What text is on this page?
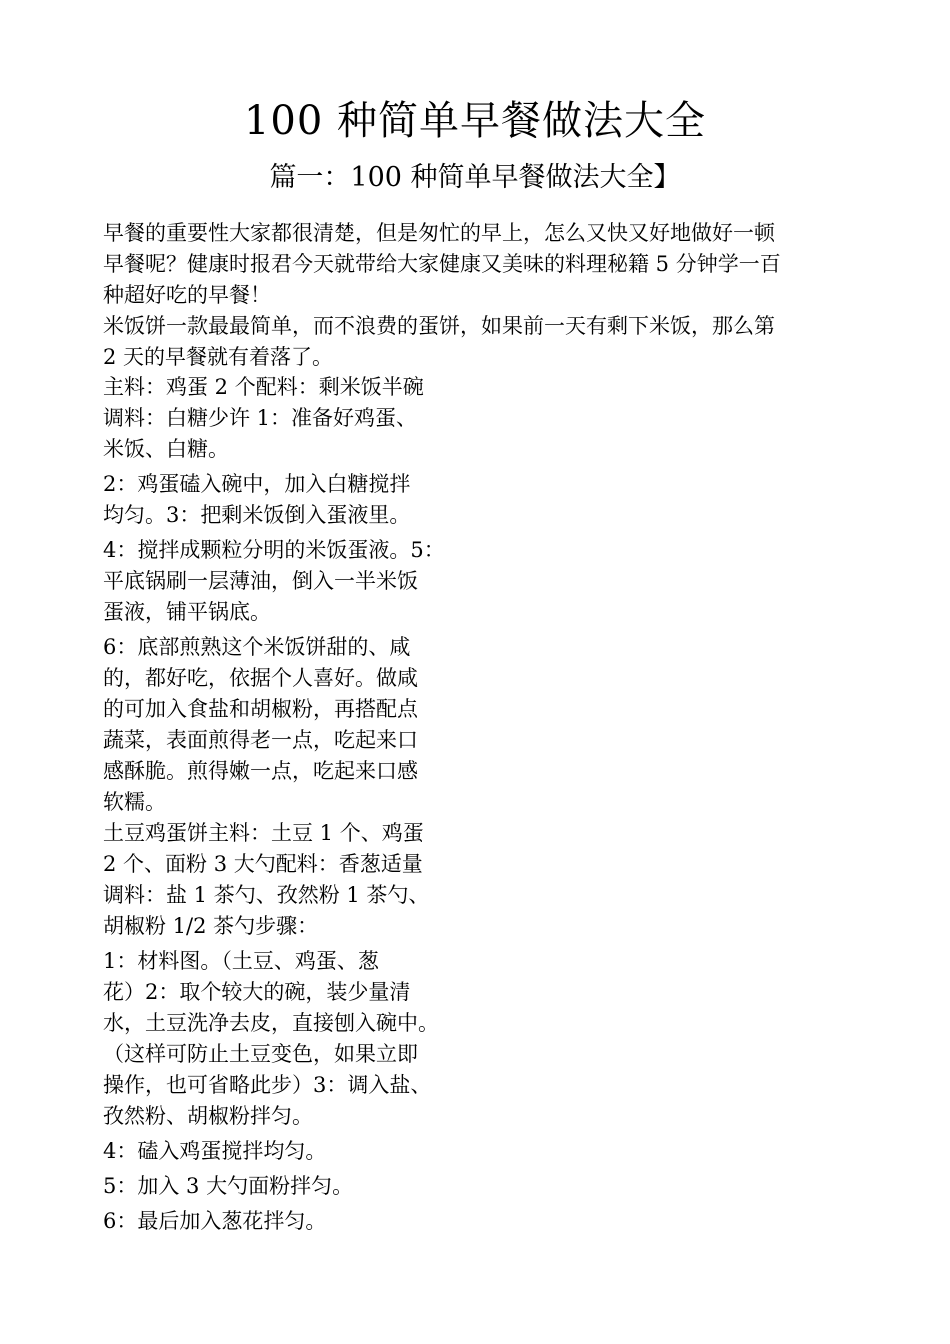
100 种简单早餐做法大全
篇一：100 种简单早餐做法大全】
早餐的重要性大家都很清楚，但是匆忙的早上，怎么又快又好地做好一顿
早餐呢？健康时报君今天就带给大家健康又美味的料理秘籍 5 分钟学一百
种超好吃的早餐！
米饭饼一款最最简单，而不浪费的蛋饼，如果前一天有剩下米饭，那么第
2 天的早餐就有着落了。

主料：鸡蛋 2 个配料：剩米饭半碗

调料：白糖少许 1：准备好鸡蛋、

米饭、白糖。

2：鸡蛋磕入碗中，加入白糖搅拌

均匀。3：把剩米饭倒入蛋液里。

4：搅拌成颗粒分明的米饭蛋液。5：

平底锅刷一层薄油，倒入一半米饭

蛋液，铺平锅底。

6：底部煎熟这个米饭饼甜的、咸

的，都好吃，依据个人喜好。做咸

的可加入食盐和胡椒粉，再搭配点

蔬菜，表面煎得老一点，吃起来口

感酥脆。煎得嫩一点，吃起来口感

软糯。

土豆鸡蛋饼主料：土豆 1 个、鸡蛋

2 个、面粉 3 大勺配料：香葱适量

调料：盐 1 茶勺、孜然粉 1 茶勺、

胡椒粉 1/2 茶勺步骤：

1：材料图。（土豆、鸡蛋、葱

花）2：取个较大的碗，装少量清

水，土豆洗净去皮，直接刨入碗中。

（这样可防止土豆变色，如果立即

操作，也可省略此步）3：调入盐、

孜然粉、胡椒粉拌匀。

4：磕入鸡蛋搅拌均匀。

5：加入 3 大勺面粉拌匀。

6：最后加入葱花拌匀。
